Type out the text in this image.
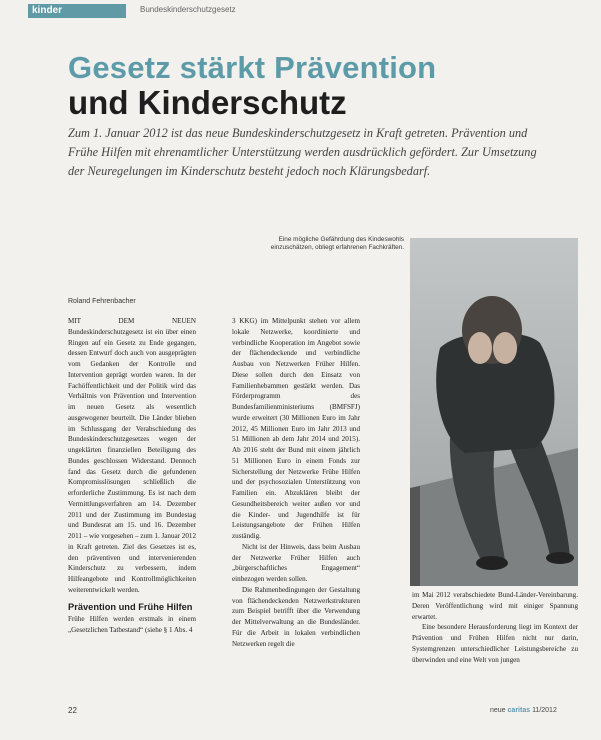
kinder	Bundeskinderschutzgesetz
Gesetz stärkt Prävention
und Kinderschutz
Zum 1. Januar 2012 ist das neue Bundeskinderschutzgesetz in Kraft getreten. Prävention und Frühe Hilfen mit ehrenamtlicher Unterstützung werden ausdrücklich gefördert. Zur Umsetzung der Neuregelungen im Kinderschutz besteht jedoch noch Klärungsbedarf.
Eine mögliche Gefährdung des Kindeswohls einzuschätzen, obliegt erfahrenen Fachkräften.
Roland Fehrenbacher

MIT DEM NEUEN Bundeskinderschutzgesetz ist ein über einen Ringen auf ein Gesetz zu Ende gegangen, dessen Entwurf doch auch von ausgeprägten vom Gedanken der Kontrolle und Intervention geprägt worden waren. In der Fachöffentlichkeit und der Politik wird das Verhältnis von Prävention und Intervention im neuen Gesetz als wesentlich ausgewogener beurteilt. Die Länder blieben im Schlussgang der Verabschiedung des Bundeskinderschutzgesetzes wegen der ungeklärten finanziellen Beteiligung des Bundes geschlossen Widerstand. Dennoch fand das Gesetz durch die gefundenen Kompromisslösungen schließlich die erforderliche Zustimmung. Es ist nach dem Vermittlungsverfahren am 14. Dezember 2011 und der Zustimmung im Bundestag und Bundesrat am 15. und 16. Dezember 2011 – wie vorgesehen – zum 1. Januar 2012 in Kraft getreten. Ziel des Gesetzes ist es, den präventiven und intervenierenden Kinderschutz zu verbessern, indem Hilfeangebote und Kontrollmöglichkeiten weiterentwickelt werden.

Prävention und Frühe Hilfen

Frühe Hilfen werden erstmals in einem „Gesetzlichen Tatbestand“ (siehe § 1 Abs. 4

3 KKG) im Mittelpunkt stehen vor allem lokale Netzwerke, koordinierte und verbindliche Kooperation im Angebot sowie der flächendeckende und verbindliche Ausbau von Netzwerken Früher Hilfen. Diese sollen durch den Einsatz von Familienhebammen gestärkt werden. Das Förderprogramm des Bundesfamilienministeriums (BMFSFJ) wurde erweitert (30 Millionen Euro im Jahr 2012, 45 Millionen Euro im Jahr 2013 und 51 Millionen ab dem Jahr 2014 und 2015). Ab 2016 steht der Bund mit einem jährlich 51 Millionen Euro in einem Fonds zur Sicherstellung der Netzwerke Frühe Hilfen und der psychosozialen Unterstützung von Familien ein. Abzuklären bleibt der Gesundheitsbereich weiter außen vor und die Kinder- und Jugendhilfe ist für Leistungsangebote der Frühen Hilfen zuständig.

Nicht ist der Hinweis, dass beim Ausbau der Netzwerke Früher Hilfen auch „bürgerschaftliches Engagement“ einbezogen werden sollen.

Die Rahmenbedingungen der Gestaltung von flächendeckenden Netzwerkstrukturen zum Beispiel betrifft über die Verwendung der Mittelverwaltung an die Bundesländer. Für die Arbeit in lokalen verbindlichen Netzwerken regelt die

im Mai 2012 verabschiedete Bund-Länder-Vereinbarung. Deren Veröffentlichung wird mit einiger Spannung erwartet.

Eine besondere Herausforderung liegt im Kontext der Prävention und Frühen Hilfen nicht nur darin, Systemgrenzen unterschiedlicher Leistungsbereiche zu überwinden und eine Welt von jungen

22	neue caritas 11/2012
